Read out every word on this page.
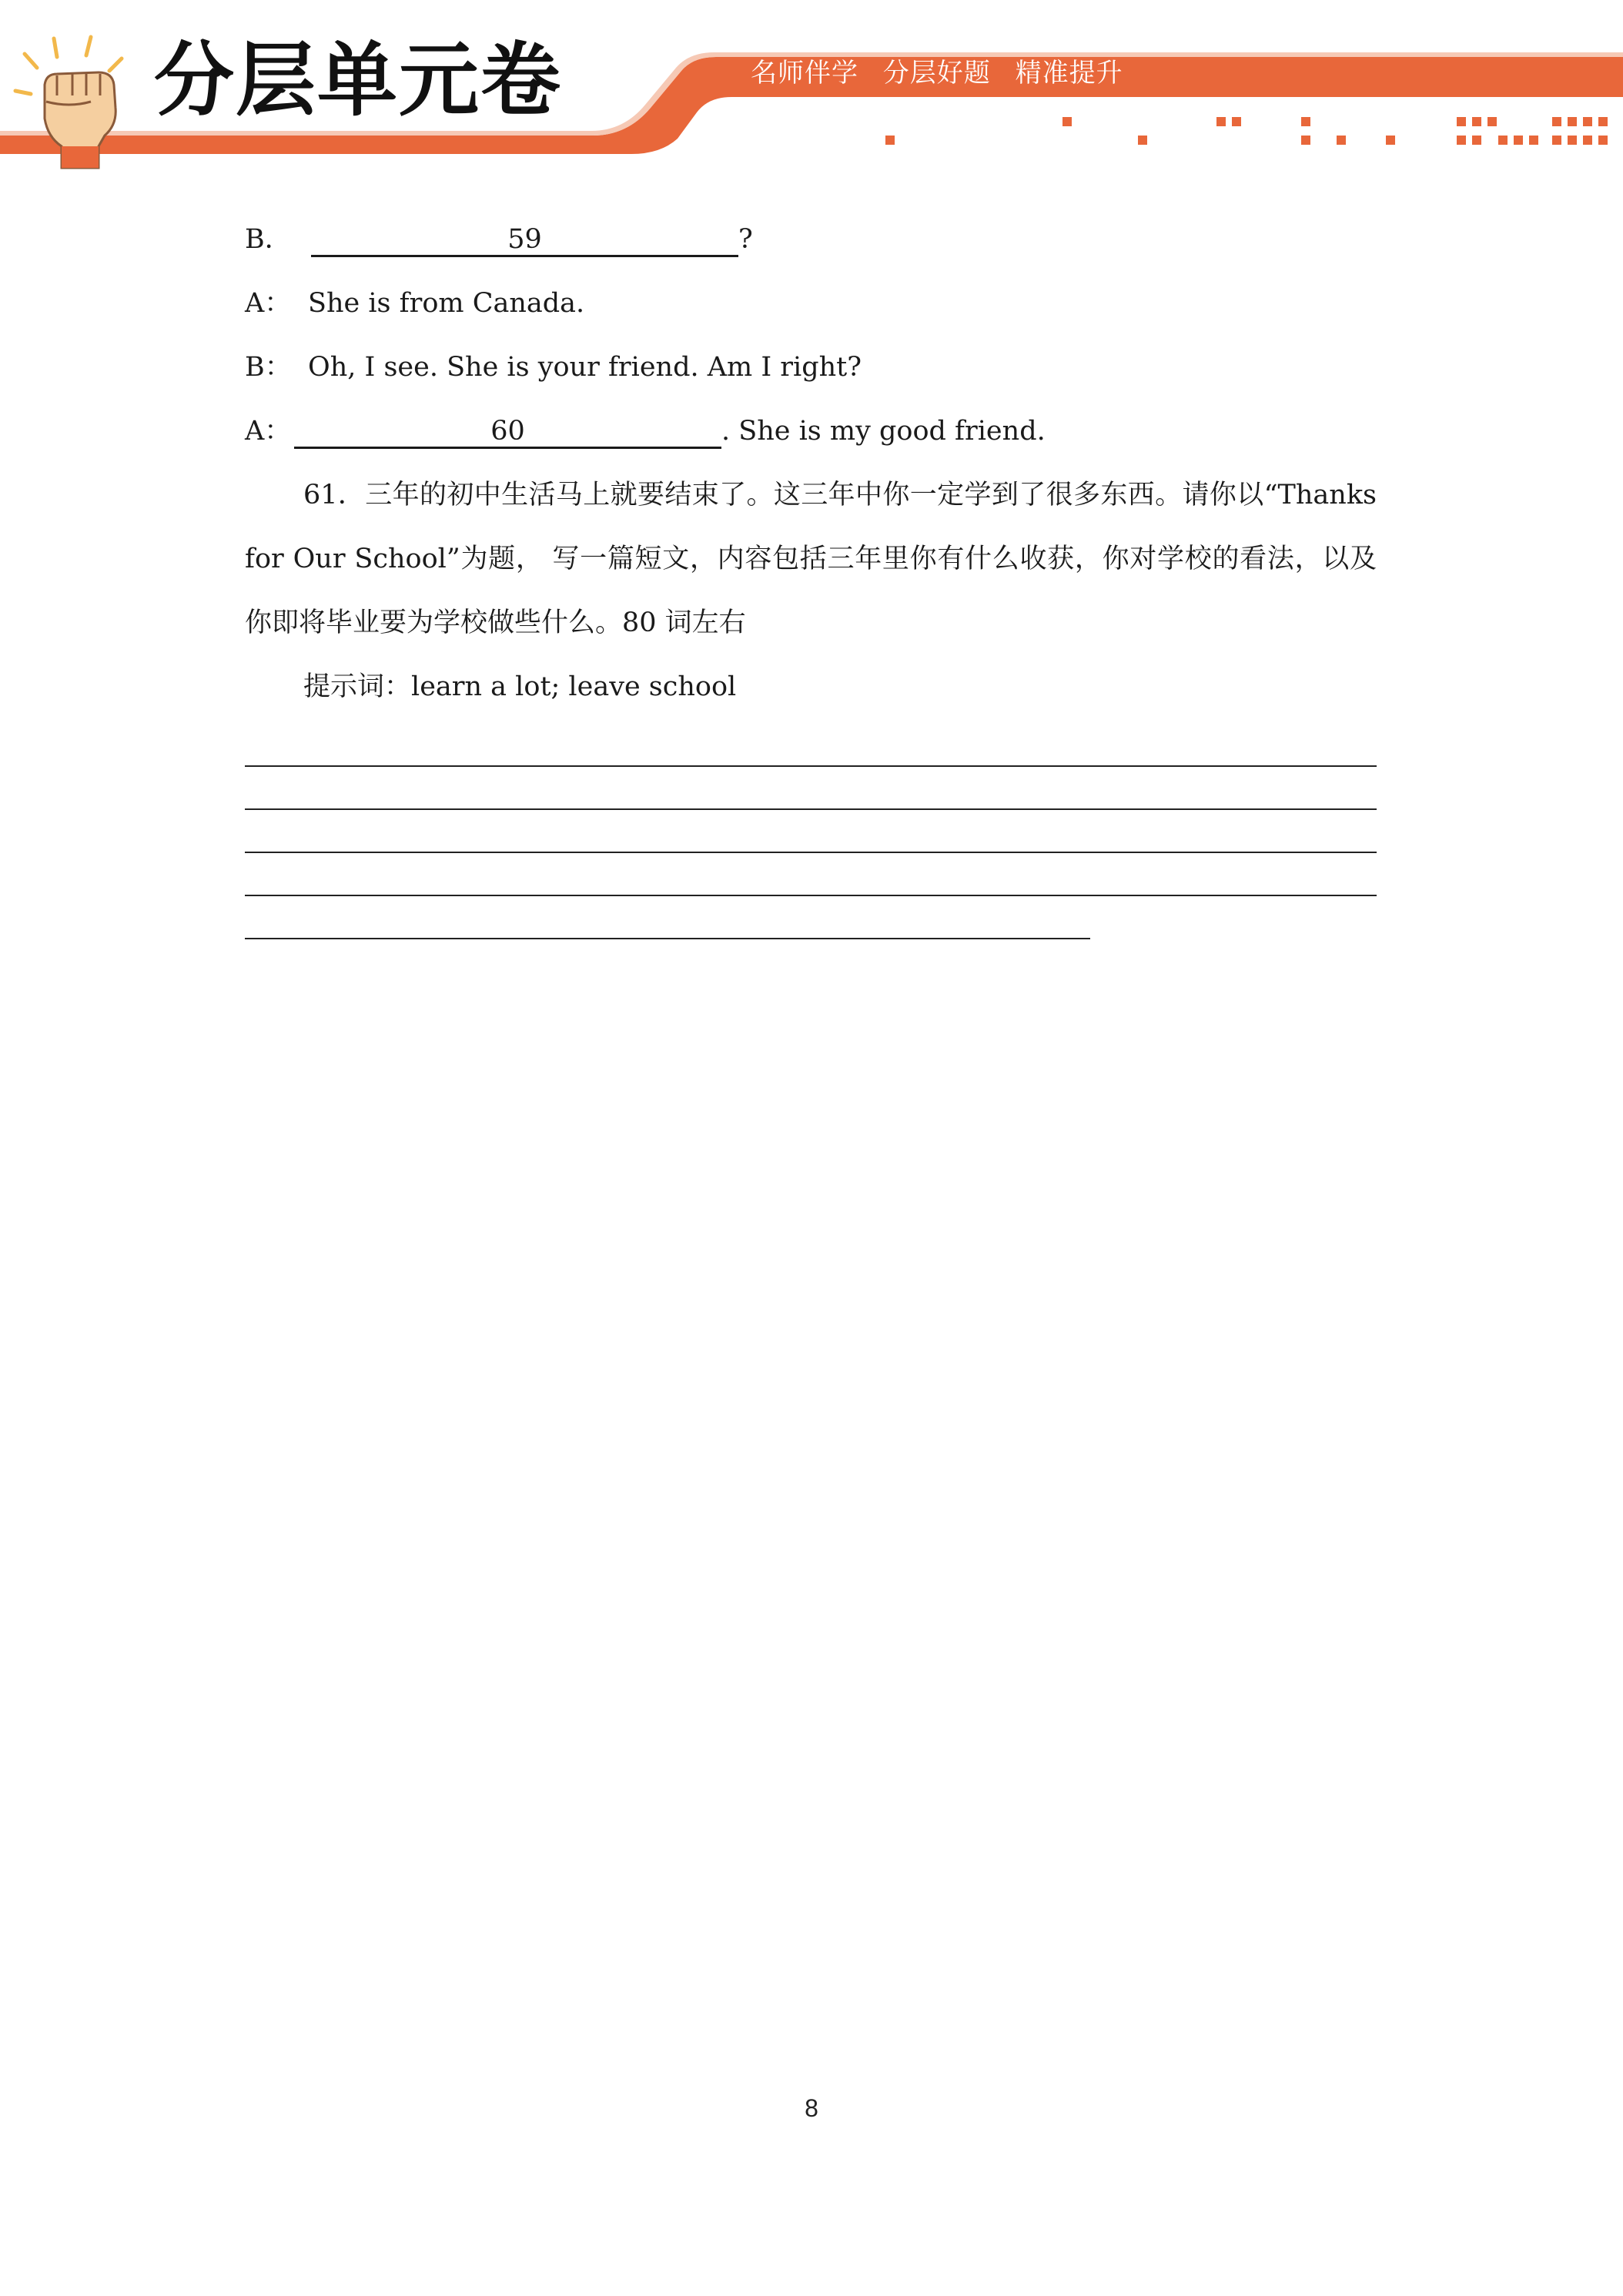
分层单元卷	名师伴学 分层好题 精准提升
B．	59	?
A： She is from Canada.
B： Oh, I see. She is your friend. Am I right?
A：	60	. She is my good friend.
61．三年的初中生活马上就要结束了。这三年中你一定学到了很多东西。请你以“Thanks for Our School”为题， 写一篇短文，内容包括三年里你有什么收获，你对学校的看法，以及你即将毕业要为学校做些什么。80 词左右
提示词：learn a lot; leave school
8
